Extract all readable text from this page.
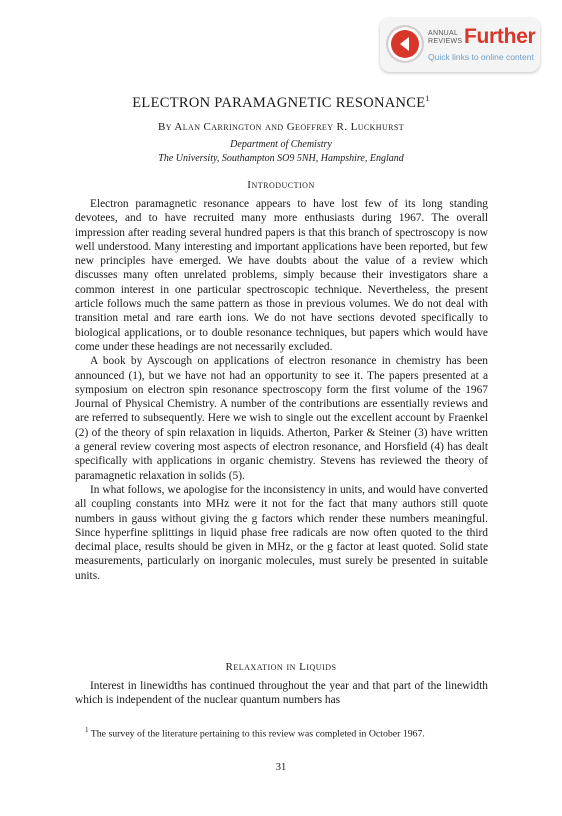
ANNUAL
REVIEWS Further
Quick links to online content
ELECTRON PARAMAGNETIC RESONANCE$^1$
By Alan Carrington and Geoffrey R. Luckhurst
Department of Chemistry
The University, Southampton SO9 5NH, Hampshire, England
Introduction

Electron paramagnetic resonance appears to have lost few of its long standing devotees, and to have recruited many more enthusiasts during 1967. The overall impression after reading several hundred papers is that this branch of spectroscopy is now well understood. Many interesting and important applications have been reported, but few new principles have emerged. We have doubts about the value of a review which discusses many often unrelated problems, simply because their investigators share a common interest in one particular spectroscopic technique. Nevertheless, the present article follows much the same pattern as those in previous volumes. We do not deal with transition metal and rare earth ions. We do not have sections devoted specifically to biological applications, or to double resonance techniques, but papers which would have come under these headings are not necessarily excluded.

A book by Ayscough on applications of electron resonance in chemistry has been announced (1), but we have not had an opportunity to see it. The papers presented at a symposium on electron spin resonance spectroscopy form the first volume of the 1967 Journal of Physical Chemistry. A number of the contributions are essentially reviews and are referred to subsequently. Here we wish to single out the excellent account by Fraenkel (2) of the theory of spin relaxation in liquids. Atherton, Parker & Steiner (3) have written a general review covering most aspects of electron resonance, and Horsfield (4) has dealt specifically with applications in organic chemistry. Stevens has reviewed the theory of paramagnetic relaxation in solids (5).

In what follows, we apologise for the inconsistency in units, and would have converted all coupling constants into MHz were it not for the fact that many authors still quote numbers in gauss without giving the g factors which render these numbers meaningful. Since hyperfine splittings in liquid phase free radicals are now often quoted to the third decimal place, results should be given in MHz, or the g factor at least quoted. Solid state measurements, particularly on inorganic molecules, must surely be presented in suitable units.

Relaxation in Liquids

Interest in linewidths has continued throughout the year and that part of the linewidth which is independent of the nuclear quantum numbers has

$^1$ The survey of the literature pertaining to this review was completed in October 1967.
31
